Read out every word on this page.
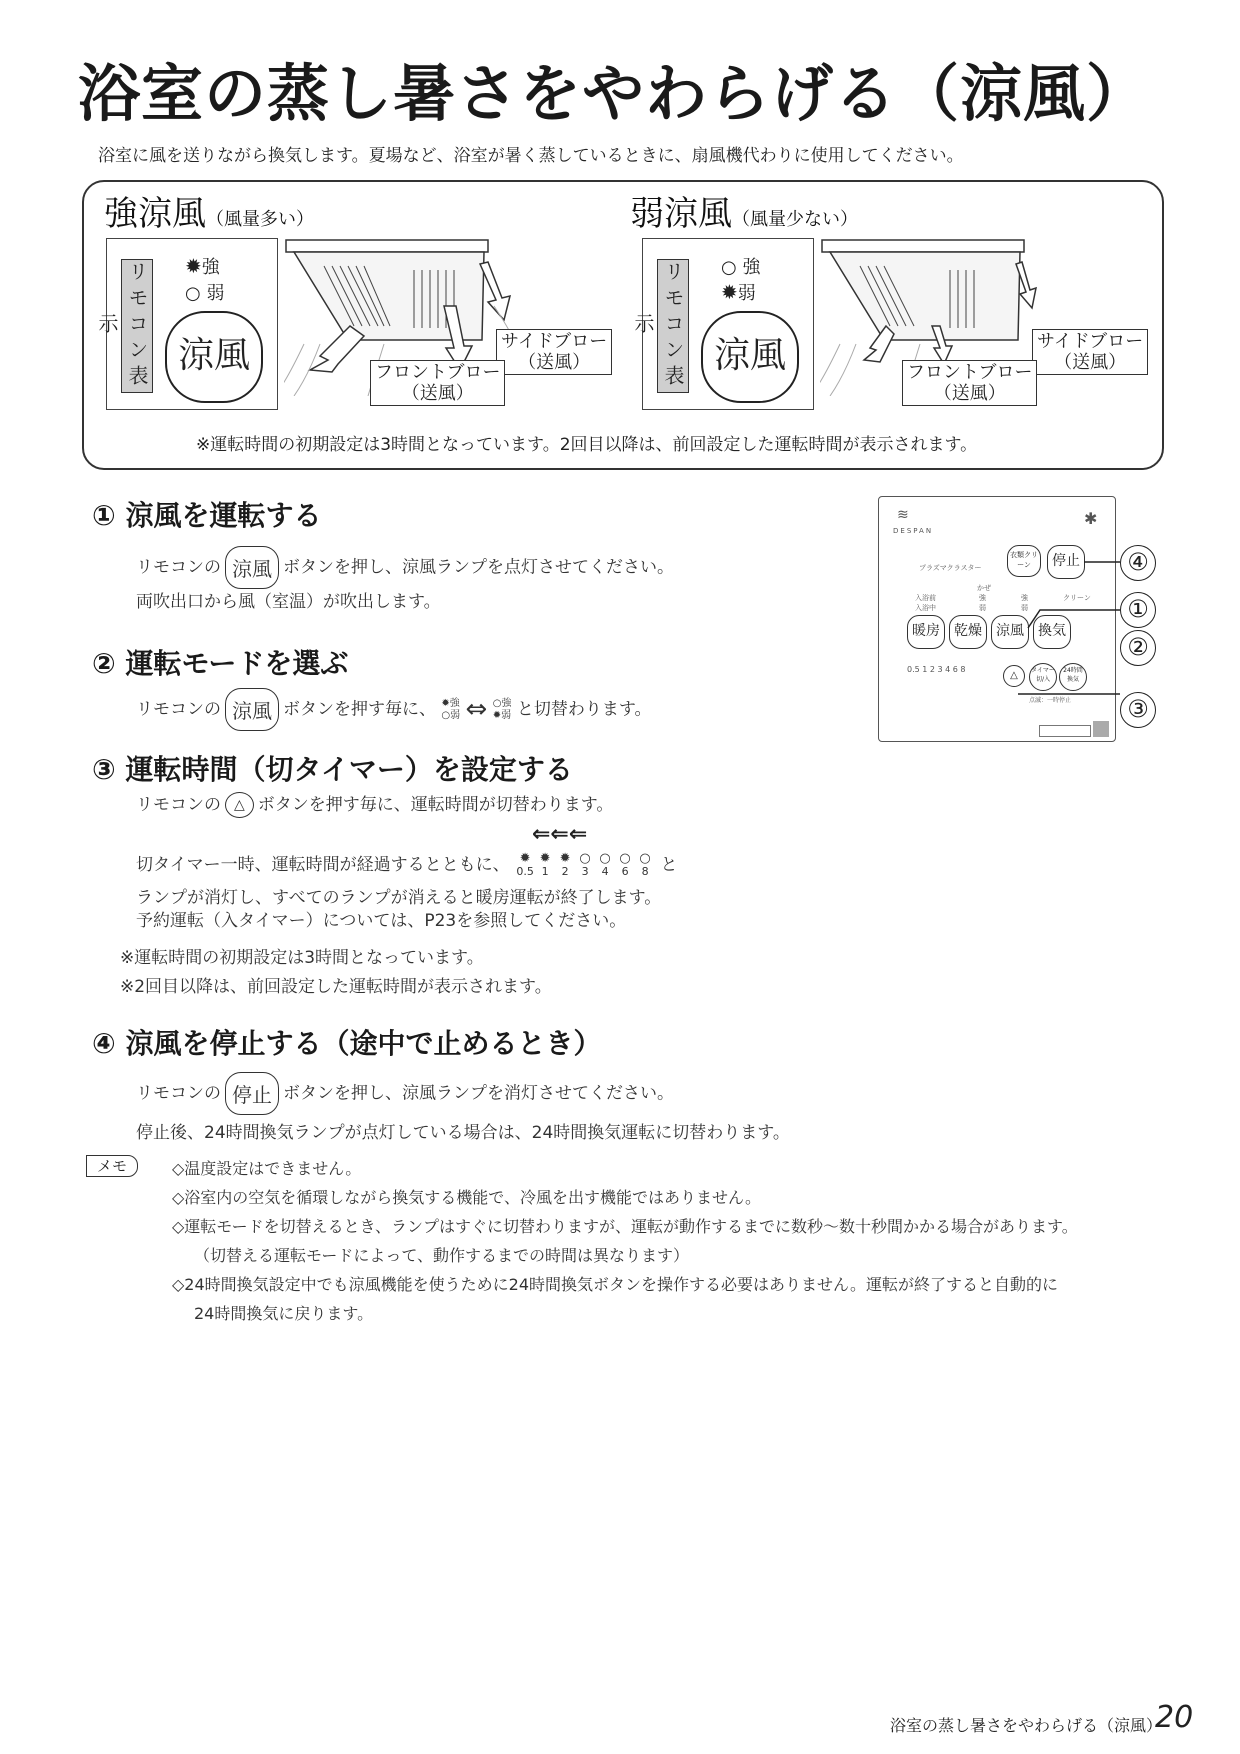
浴室の蒸し暑さをやわらげる（涼風）
浴室に風を送りながら換気します。夏場など、浴室が暑く蒸しているときに、扇風機代わりに使用してください。
強涼風（風量多い）
リモコン表示
✹強
○ 弱
涼風	サイドブロー
（送風）
フロントブロー
（送風）
弱涼風（風量少ない）
リモコン表示
○ 強
✹弱
涼風	サイドブロー
（送風）
フロントブロー
（送風）
※運転時間の初期設定は3時間となっています。2回目以降は、前回設定した運転時間が表示されます。
① 涼風を運転する
リモコンの 涼風 ボタンを押し、涼風ランプを点灯させてください。
両吹出口から風（室温）が吹出します。
② 運転モードを選ぶ
リモコンの 涼風 ボタンを押す毎に、 ✹強
○弱 ⇔ ○強
✹弱 と切替わります。
③ 運転時間（切タイマー）を設定する
リモコンの △ ボタンを押す毎に、運転時間が切替わります。
⇐⇐⇐
切タイマー一時、運転時間が経過するとともに、 ✹
0.5✹
1✹
2○
3○
4○
6○
8 と
ランプが消灯し、すべてのランプが消えると暖房運転が終了します。
予約運転（入タイマー）については、P23を参照してください。
※運転時間の初期設定は3時間となっています。
※2回目以降は、前回設定した運転時間が表示されます。
④ 涼風を停止する（途中で止めるとき）
リモコンの 停止 ボタンを押し、涼風ランプを消灯させてください。
停止後、24時間換気ランプが点灯している場合は、24時間換気運転に切替わります。
メモ	◇温度設定はできません。
◇浴室内の空気を循環しながら換気する機能で、冷風を出す機能ではありません。
◇運転モードを切替えるとき、ランプはすぐに切替わりますが、運転が動作するまでに数秒～数十秒間かかる場合があります。
（切替える運転モードによって、動作するまでの時間は異なります）
◇24時間換気設定中でも涼風機能を使うために24時間換気ボタンを操作する必要はありません。運転が終了すると自動的に
24時間換気に戻ります。
≋
DESPAN
✱
衣類クリーン	停止
プラズマクラスター
かぜ
入浴前
入浴中
強
弱
強
弱
クリーン
暖房	乾燥	涼風	換気
0.5 1 2 3 4 6 8
△	タイマー 切/入
24時間 換気
点滅：一時停止
④
①
②
③
浴室の蒸し暑さをやわらげる（涼風）
20
